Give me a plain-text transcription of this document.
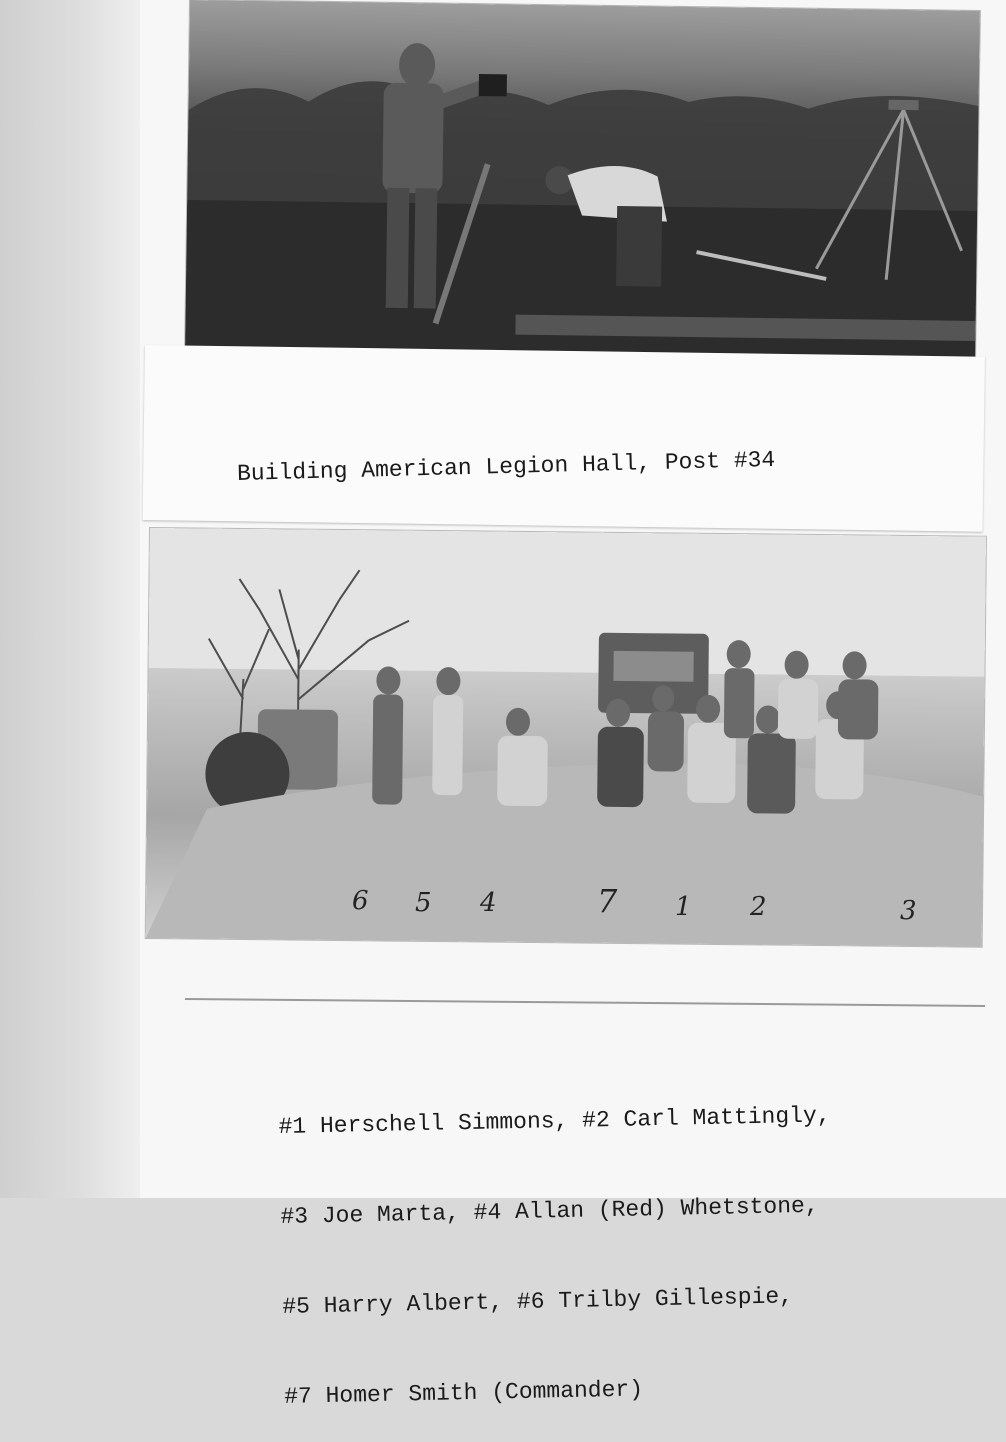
Building American Legion Hall, Post #34

6 5 4	7 1 2	3

#1 Herschell Simmons, #2 Carl Mattingly,

#3 Joe Marta, #4 Allan (Red) Whetstone,

#5 Harry Albert, #6 Trilby Gillespie,

#7 Homer Smith (Commander)
